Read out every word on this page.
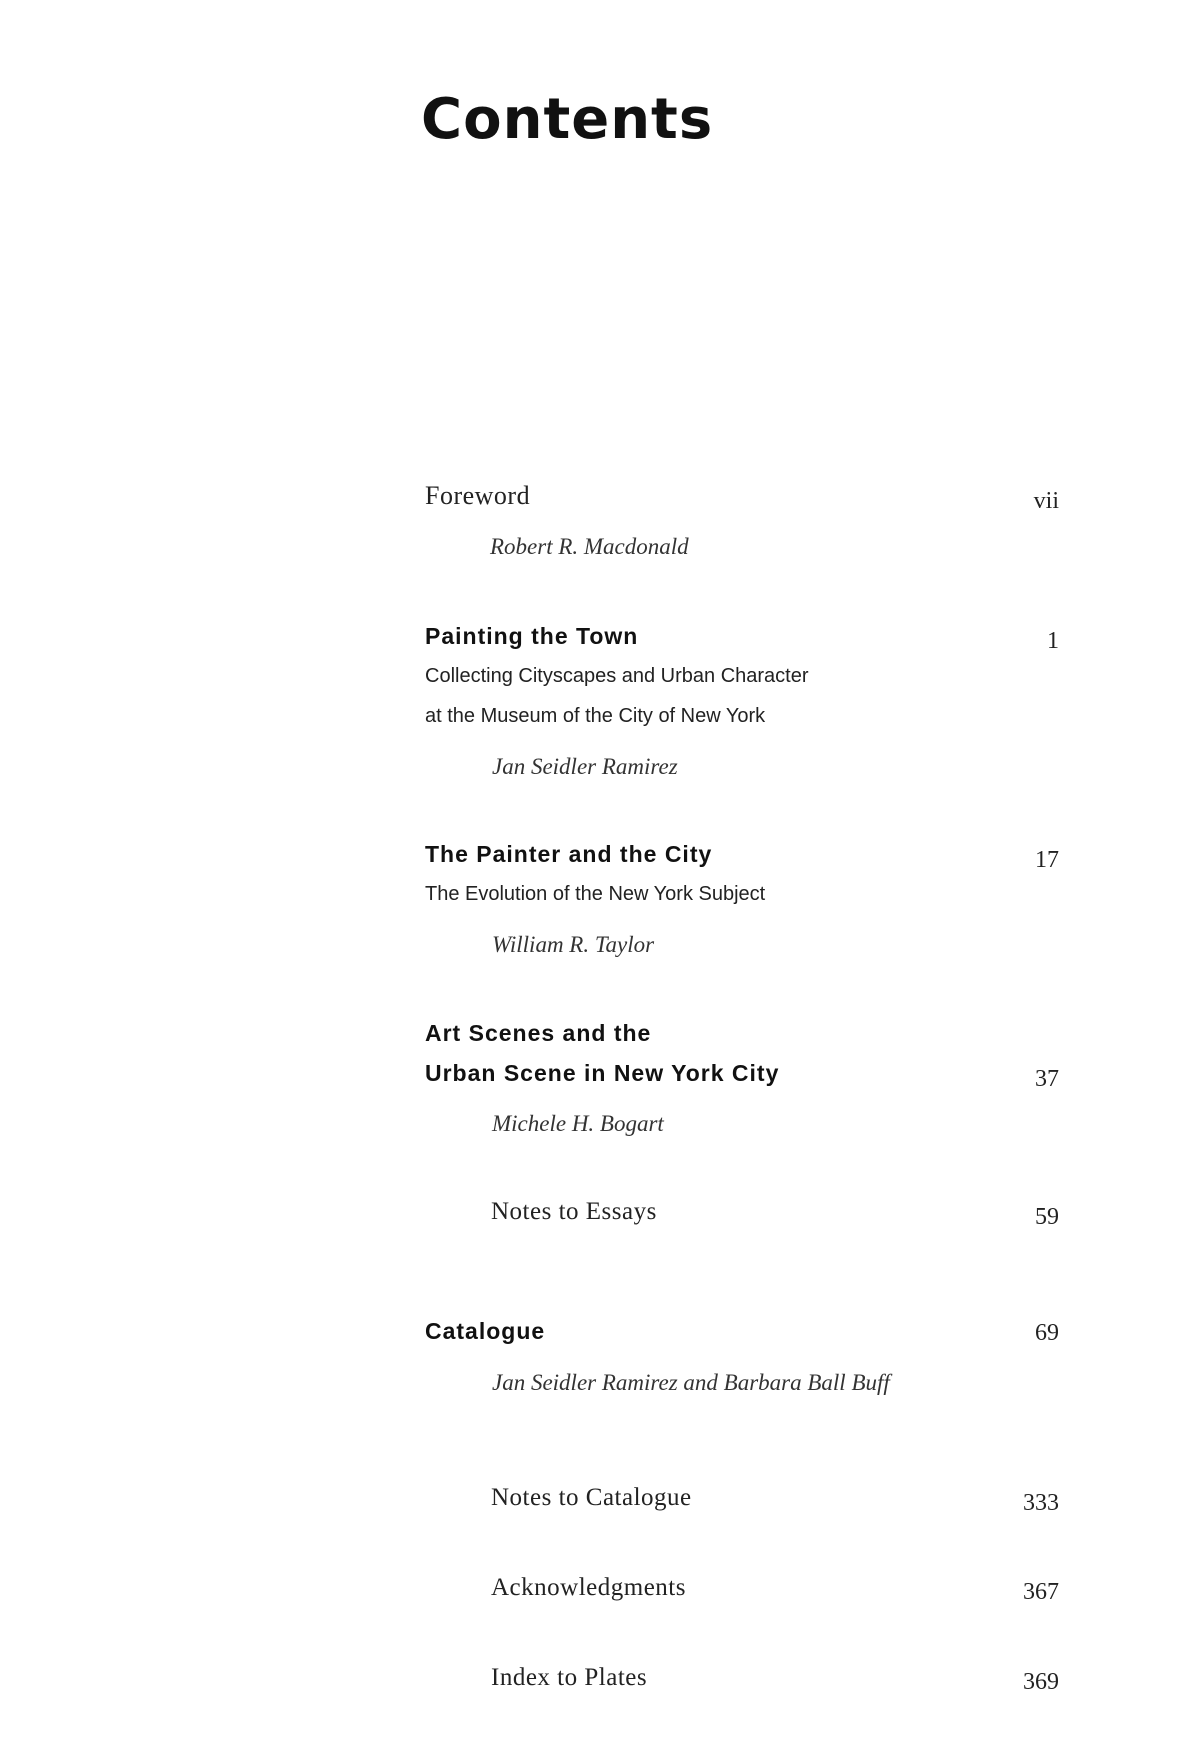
Contents
Foreword	vii
Robert R. Macdonald
Painting the Town	1
Collecting Cityscapes and Urban Character
at the Museum of the City of New York
Jan Seidler Ramirez
The Painter and the City	17
The Evolution of the New York Subject
William R. Taylor
Art Scenes and the
Urban Scene in New York City	37
Michele H. Bogart
Notes to Essays	59
Catalogue	69
Jan Seidler Ramirez and Barbara Ball Buff
Notes to Catalogue	333
Acknowledgments	367
Index to Plates	369
